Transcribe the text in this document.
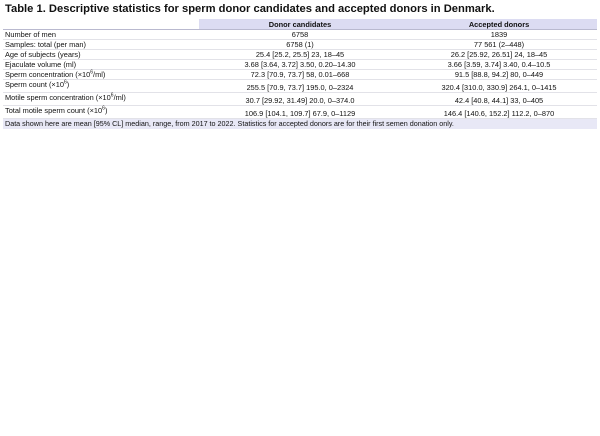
Table 1. Descriptive statistics for sperm donor candidates and accepted donors in Denmark.
	Donor candidates	Accepted donors
Number of men	6758	1839
Samples: total (per man)	6758 (1)	77 561 (2–448)
Age of subjects (years)	25.4 [25.2, 25.5] 23, 18–45	26.2 [25.92, 26.51] 24, 18–45
Ejaculate volume (ml)	3.68 [3.64, 3.72] 3.50, 0.20–14.30	3.66 [3.59, 3.74] 3.40, 0.4–10.5
Sperm concentration $(\times 10^6/ml)$	72.3 [70.9, 73.7] 58, 0.01–668	91.5 [88.8, 94.2] 80, 0–449
Sperm count $(\times 10^6)$	255.5 [70.9, 73.7] 195.0, 0–2324	320.4 [310.0, 330.9] 264.1, 0–1415
Motile sperm concentration $(\times 10^6/ml)$	30.7 [29.92, 31.49] 20.0, 0–374.0	42.4 [40.8, 44.1] 33, 0–405
Total motile sperm count $(\times 10^6)$	106.9 [104.1, 109.7] 67.9, 0–1129	146.4 [140.6, 152.2] 112.2, 0–870
Data shown here are mean [95% CL] median, range, from 2017 to 2022. Statistics for accepted donors are for their first semen donation only.
